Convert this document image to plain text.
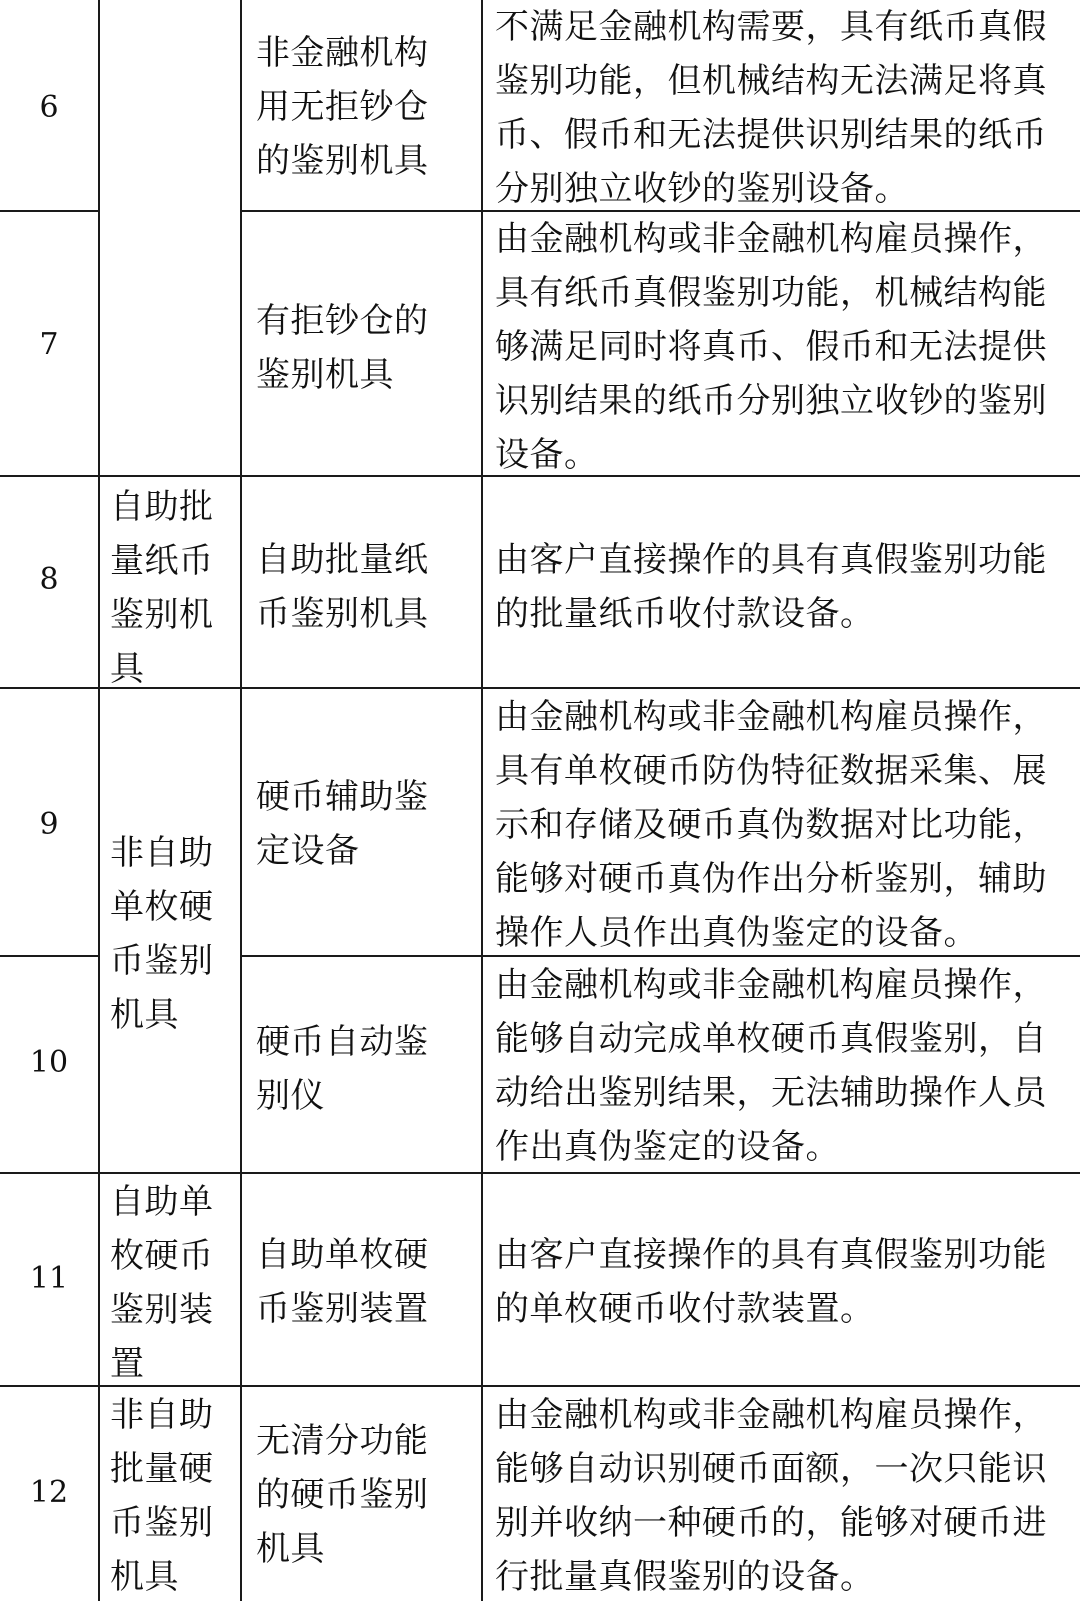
6
非金融机构
用无拒钞仓
的鉴别机具
不满足金融机构需要，具有纸币真假
鉴别功能，但机械结构无法满足将真
币、假币和无法提供识别结果的纸币
分别独立收钞的鉴别设备。
7
有拒钞仓的
鉴别机具
由金融机构或非金融机构雇员操作，
具有纸币真假鉴别功能，机械结构能
够满足同时将真币、假币和无法提供
识别结果的纸币分别独立收钞的鉴别
设备。
8
自助批
量纸币
鉴别机
具
自助批量纸
币鉴别机具
由客户直接操作的具有真假鉴别功能
的批量纸币收付款设备。
9
硬币辅助鉴
定设备
由金融机构或非金融机构雇员操作，
具有单枚硬币防伪特征数据采集、展
示和存储及硬币真伪数据对比功能，
能够对硬币真伪作出分析鉴别，辅助
操作人员作出真伪鉴定的设备。
非自助
单枚硬
币鉴别
机具
10
硬币自动鉴
别仪
由金融机构或非金融机构雇员操作，
能够自动完成单枚硬币真假鉴别，自
动给出鉴别结果，无法辅助操作人员
作出真伪鉴定的设备。
11
自助单
枚硬币
鉴别装
置
自助单枚硬
币鉴别装置
由客户直接操作的具有真假鉴别功能
的单枚硬币收付款装置。
12
非自助
批量硬
币鉴别
机具
无清分功能
的硬币鉴别
机具
由金融机构或非金融机构雇员操作，
能够自动识别硬币面额，一次只能识
别并收纳一种硬币的，能够对硬币进
行批量真假鉴别的设备。
